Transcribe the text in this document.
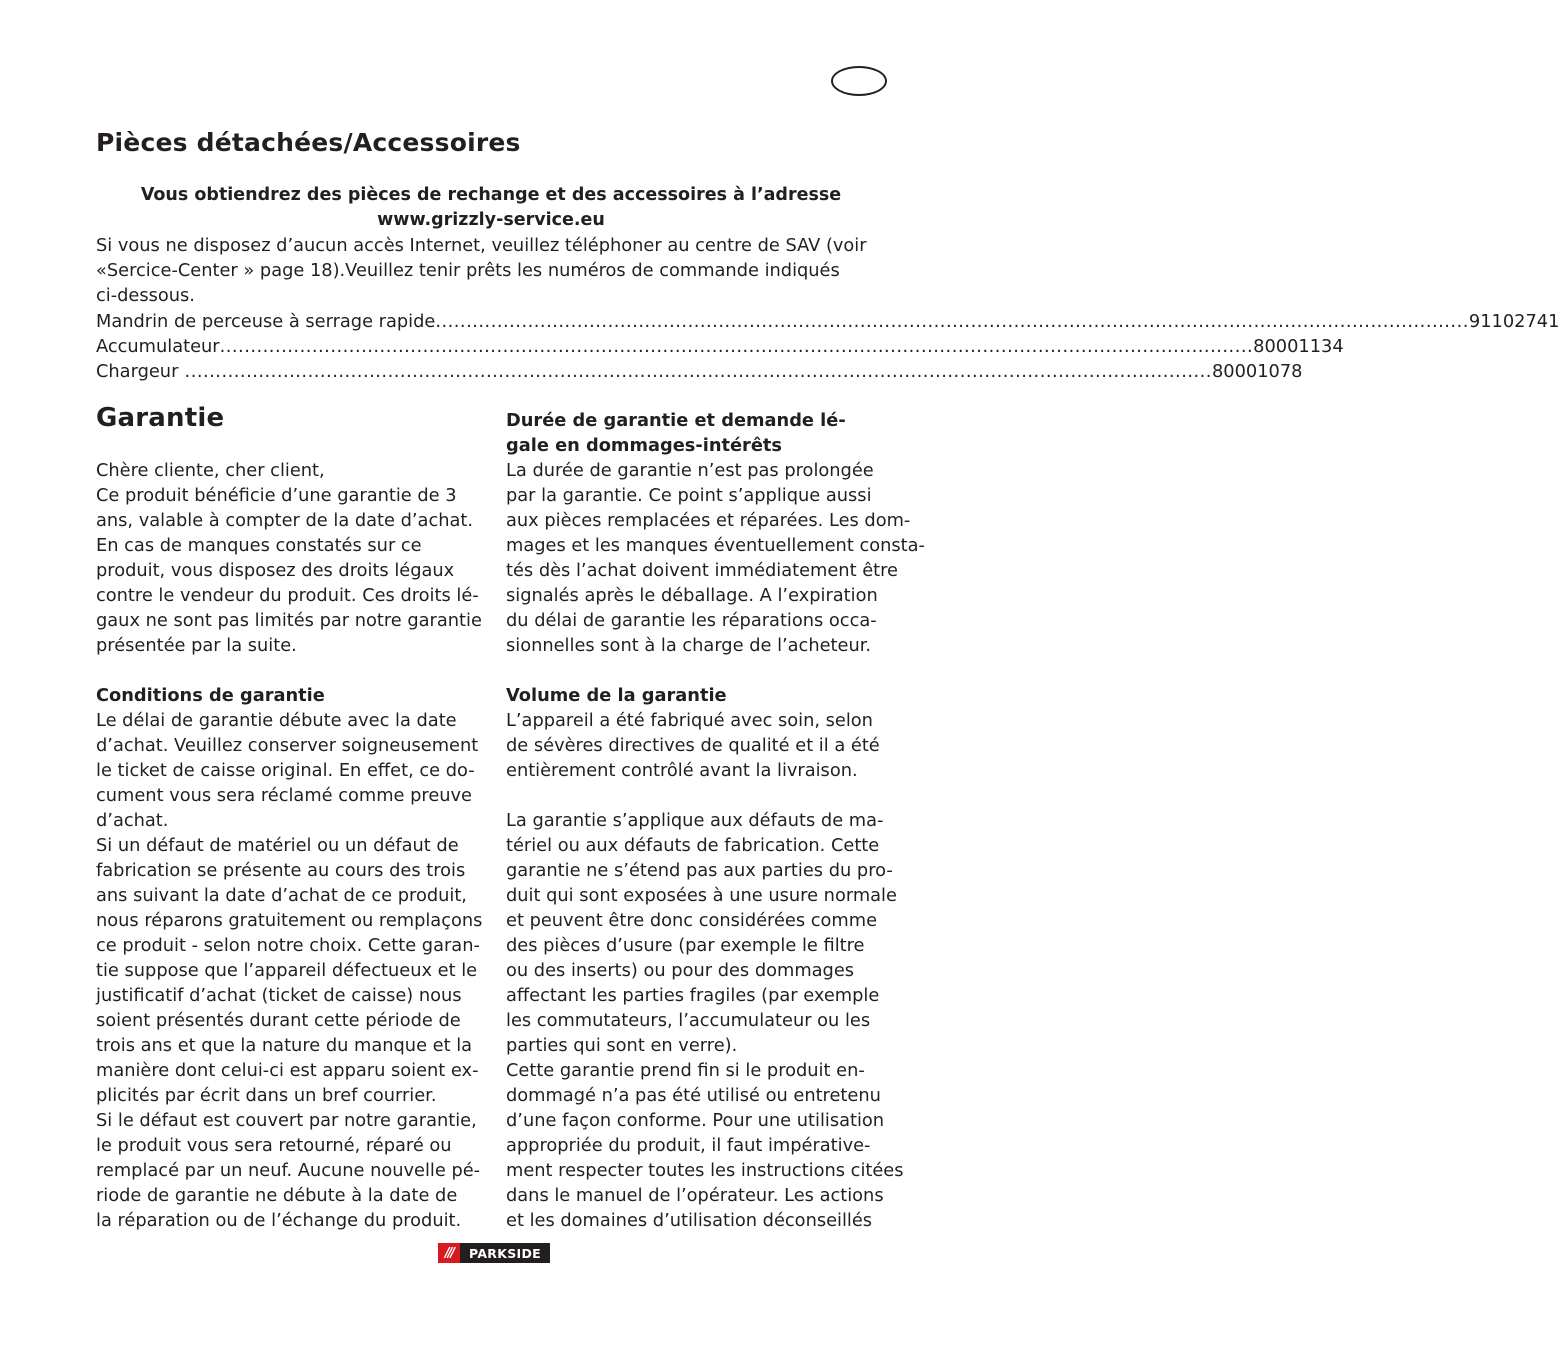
Pièces détachées/Accessoires
Vous obtiendrez des pièces de rechange et des accessoires à l’adresse
www.grizzly-service.eu
Si vous ne disposez d’aucun accès Internet, veuillez téléphoner au centre de SAV (voir
«Sercice-Center » page 18).Veuillez tenir prêts les numéros de commande indiqués
ci-dessous.
Mandrin de perceuse à serrage rapide ........................................................................................................................................................................ 91102741
Accumulateur ........................................................................................................................................................................ 80001134
Chargeur ....................................................................................................................................................................... 80001078
Garantie
Chère cliente, cher client,
Ce produit bénéficie d’une garantie de 3
ans, valable à compter de la date d’achat.
En cas de manques constatés sur ce
produit, vous disposez des droits légaux
contre le vendeur du produit. Ces droits lé-
gaux ne sont pas limités par notre garantie
présentée par la suite.
Conditions de garantie
Le délai de garantie débute avec la date
d’achat. Veuillez conserver soigneusement
le ticket de caisse original. En effet, ce do-
cument vous sera réclamé comme preuve
d’achat.
Si un défaut de matériel ou un défaut de
fabrication se présente au cours des trois
ans suivant la date d’achat de ce produit,
nous réparons gratuitement ou remplaçons
ce produit - selon notre choix. Cette garan-
tie suppose que l’appareil défectueux et le
justificatif d’achat (ticket de caisse) nous
soient présentés durant cette période de
trois ans et que la nature du manque et la
manière dont celui-ci est apparu soient ex-
plicités par écrit dans un bref courrier.
Si le défaut est couvert par notre garantie,
le produit vous sera retourné, réparé ou
remplacé par un neuf. Aucune nouvelle pé-
riode de garantie ne débute à la date de
la réparation ou de l’échange du produit.
Durée de garantie et demande lé-
gale en dommages-intérêts
La durée de garantie n’est pas prolongée
par la garantie. Ce point s’applique aussi
aux pièces remplacées et réparées. Les dom-
mages et les manques éventuellement consta-
tés dès l’achat doivent immédiatement être
signalés après le déballage. A l’expiration
du délai de garantie les réparations occa-
sionnelles sont à la charge de l’acheteur.
Volume de la garantie
L’appareil a été fabriqué avec soin, selon
de sévères directives de qualité et il a été
entièrement contrôlé avant la livraison.
La garantie s’applique aux défauts de ma-
tériel ou aux défauts de fabrication. Cette
garantie ne s’étend pas aux parties du pro-
duit qui sont exposées à une usure normale
et peuvent être donc considérées comme
des pièces d’usure (par exemple le filtre
ou des inserts) ou pour des dommages
affectant les parties fragiles (par exemple
les commutateurs, l’accumulateur ou les
parties qui sont en verre).
Cette garantie prend fin si le produit en-
dommagé n’a pas été utilisé ou entretenu
d’une façon conforme. Pour une utilisation
appropriée du produit, il faut impérative-
ment respecter toutes les instructions citées
dans le manuel de l’opérateur. Les actions
et les domaines d’utilisation déconseillés
///	PARKSIDE
